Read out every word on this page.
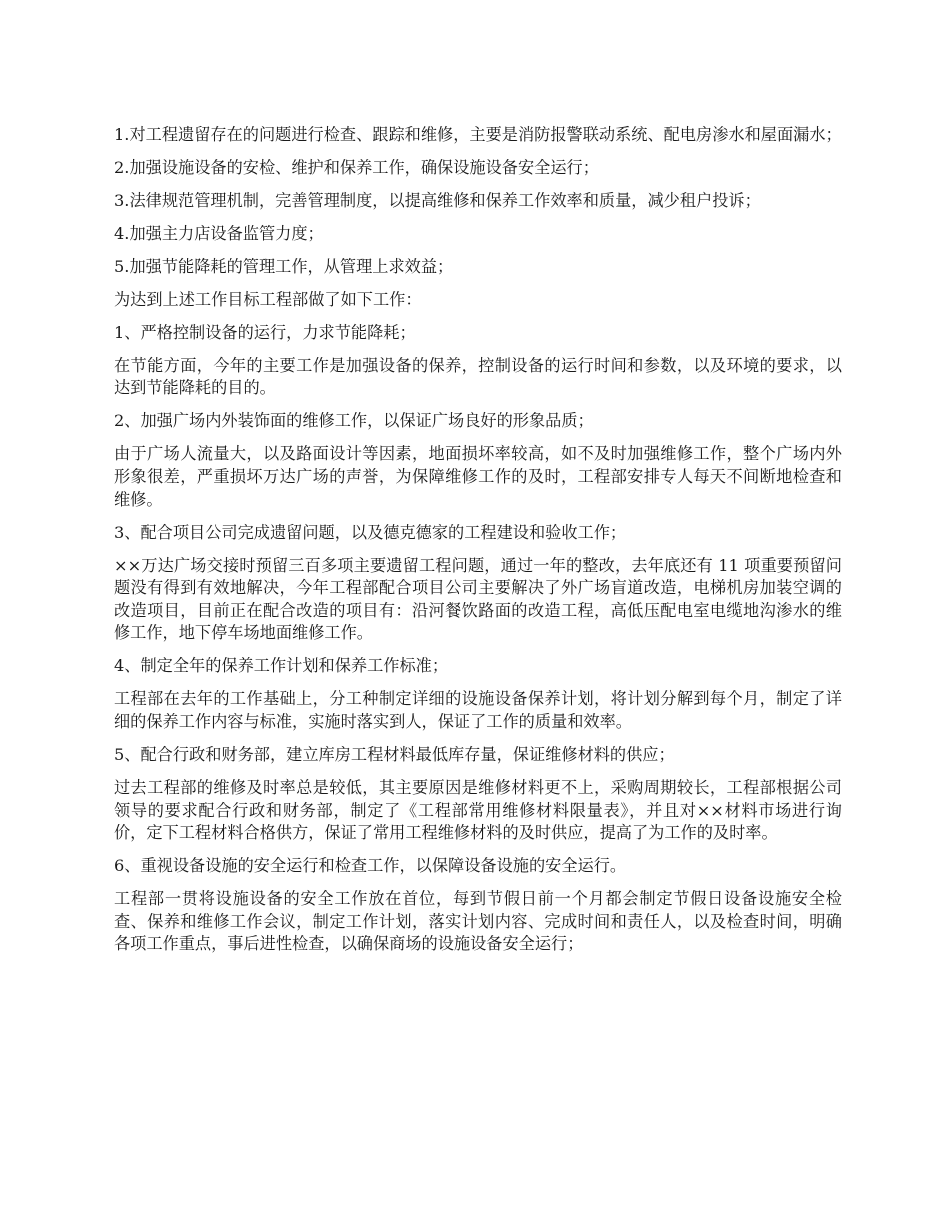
1.对工程遗留存在的问题进行检查、跟踪和维修，主要是消防报警联动系统、配电房渗水和屋面漏水；

2.加强设施设备的安检、维护和保养工作，确保设施设备安全运行；

3.法律规范管理机制，完善管理制度，以提高维修和保养工作效率和质量，减少租户投诉；

4.加强主力店设备监管力度；

5.加强节能降耗的管理工作，从管理上求效益；

为达到上述工作目标工程部做了如下工作：

1、严格控制设备的运行，力求节能降耗；

在节能方面，今年的主要工作是加强设备的保养，控制设备的运行时间和参数，以及环境的要求，以达到节能降耗的目的。

2、加强广场内外装饰面的维修工作，以保证广场良好的形象品质；

由于广场人流量大，以及路面设计等因素，地面损坏率较高，如不及时加强维修工作，整个广场内外形象很差，严重损坏万达广场的声誉，为保障维修工作的及时，工程部安排专人每天不间断地检查和维修。

3、配合项目公司完成遗留问题，以及德克德家的工程建设和验收工作；

××万达广场交接时预留三百多项主要遗留工程问题，通过一年的整改，去年底还有 11 项重要预留问题没有得到有效地解决，今年工程部配合项目公司主要解决了外广场盲道改造，电梯机房加装空调的改造项目，目前正在配合改造的项目有：沿河餐饮路面的改造工程，高低压配电室电缆地沟渗水的维修工作，地下停车场地面维修工作。

4、制定全年的保养工作计划和保养工作标准；

工程部在去年的工作基础上，分工种制定详细的设施设备保养计划，将计划分解到每个月，制定了详细的保养工作内容与标准，实施时落实到人，保证了工作的质量和效率。

5、配合行政和财务部，建立库房工程材料最低库存量，保证维修材料的供应；

过去工程部的维修及时率总是较低，其主要原因是维修材料更不上，采购周期较长，工程部根据公司领导的要求配合行政和财务部，制定了《工程部常用维修材料限量表》，并且对××材料市场进行询价，定下工程材料合格供方，保证了常用工程维修材料的及时供应，提高了为工作的及时率。

6、重视设备设施的安全运行和检查工作，以保障设备设施的安全运行。

工程部一贯将设施设备的安全工作放在首位，每到节假日前一个月都会制定节假日设备设施安全检查、保养和维修工作会议，制定工作计划，落实计划内容、完成时间和责任人，以及检查时间，明确各项工作重点，事后进性检查，以确保商场的设施设备安全运行；
